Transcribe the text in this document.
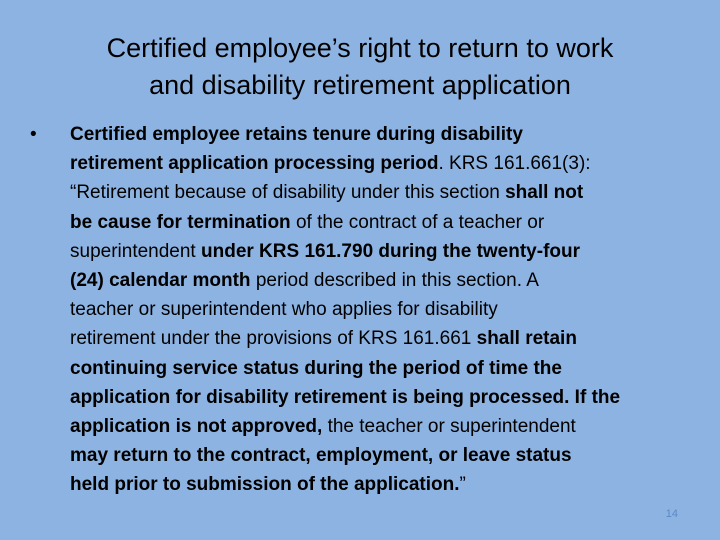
Certified employee’s right to return to work
and disability retirement application
• Certified employee retains tenure during disability
retirement application processing period. KRS 161.661(3):
“Retirement because of disability under this section shall not
be cause for termination of the contract of a teacher or
superintendent under KRS 161.790 during the twenty-four
(24) calendar month period described in this section. A
teacher or superintendent who applies for disability
retirement under the provisions of KRS 161.661 shall retain
continuing service status during the period of time the
application for disability retirement is being processed. If the
application is not approved, the teacher or superintendent
may return to the contract, employment, or leave status
held prior to submission of the application.”
14
